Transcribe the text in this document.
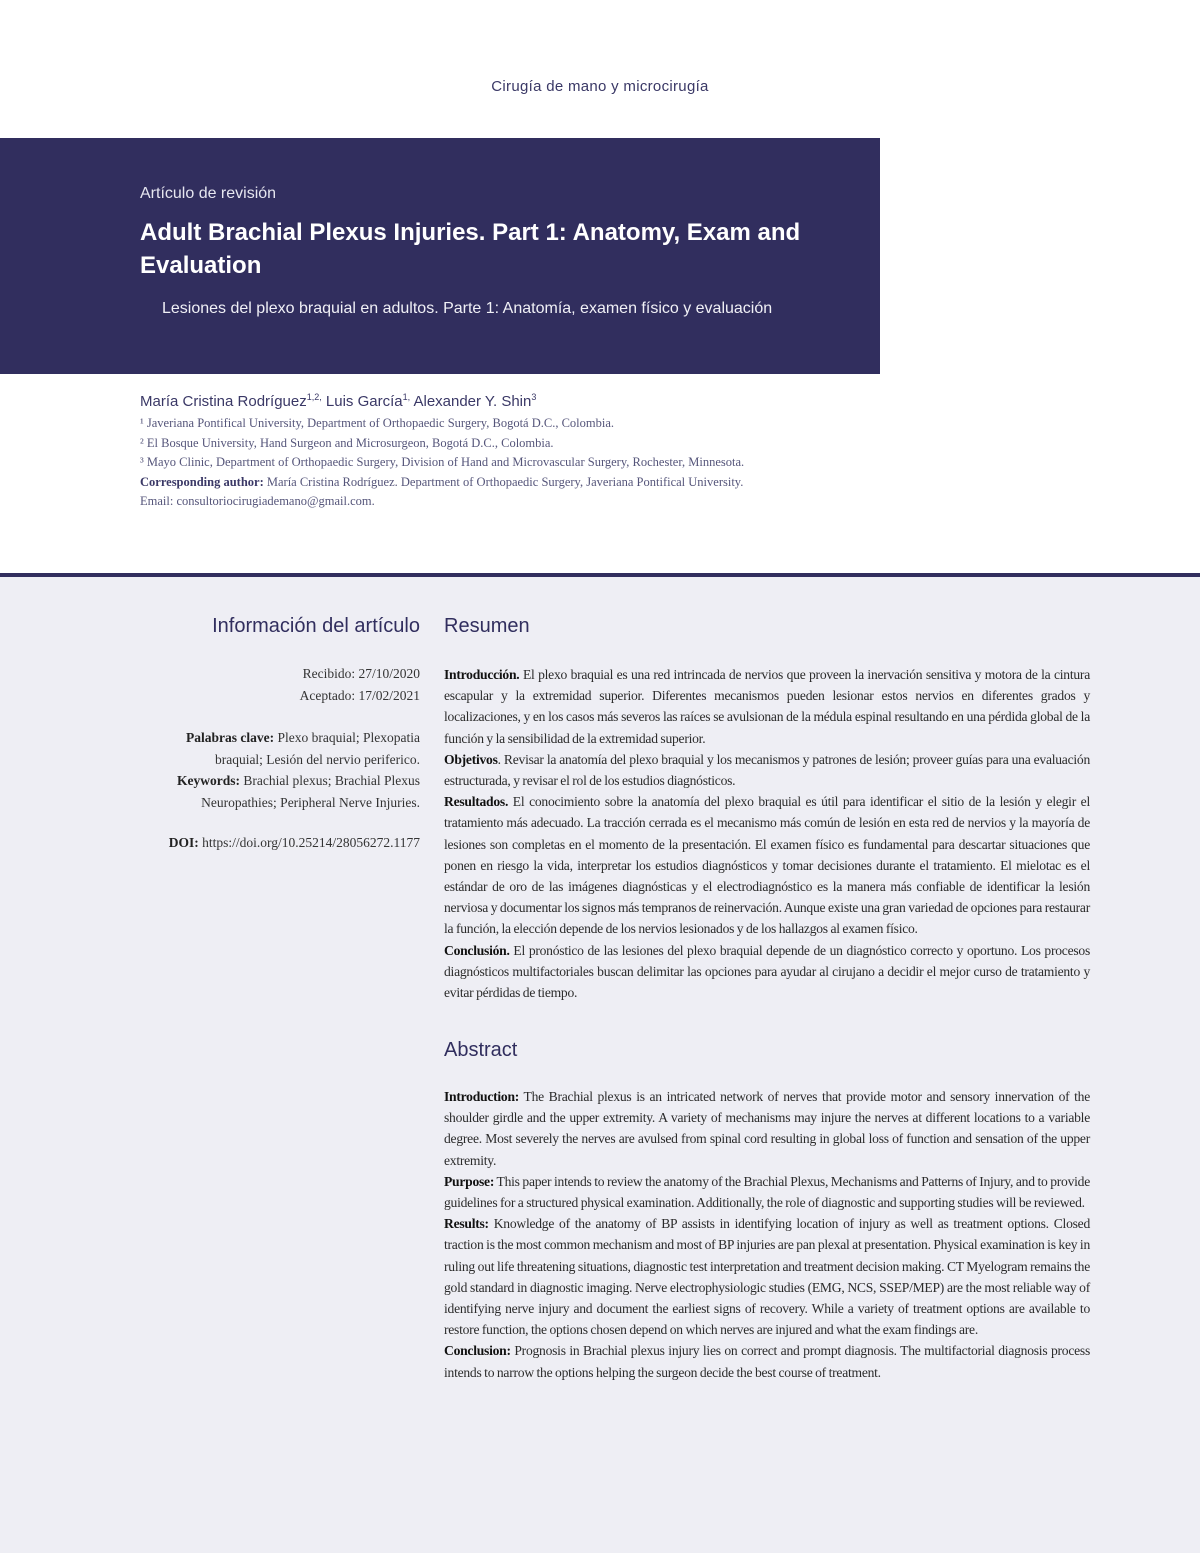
Cirugía de mano y microcirugía
Artículo de revisión
Adult Brachial Plexus Injuries. Part 1: Anatomy, Exam and Evaluation
Lesiones del plexo braquial en adultos. Parte 1: Anatomía, examen físico y evaluación
María Cristina Rodríguez$^{1,2,}$ Luis García$^{1,}$ Alexander Y. Shin$^3$
¹ Javeriana Pontifical University, Department of Orthopaedic Surgery, Bogotá D.C., Colombia.
² El Bosque University, Hand Surgeon and Microsurgeon, Bogotá D.C., Colombia.
³ Mayo Clinic, Department of Orthopaedic Surgery, Division of Hand and Microvascular Surgery, Rochester, Minnesota.
Corresponding author: María Cristina Rodríguez. Department of Orthopaedic Surgery, Javeriana Pontifical University.
Email: consultoriocirugiademano@gmail.com.
Información del artículo
Recibido: 27/10/2020
Aceptado: 17/02/2021
Palabras clave: Plexo braquial; Plexopatia
braquial; Lesión del nervio periferico.
Keywords: Brachial plexus; Brachial Plexus
Neuropathies; Peripheral Nerve Injuries.
DOI: https://doi.org/10.25214/28056272.1177
Resumen

Introducción. El plexo braquial es una red intrincada de nervios que proveen la inervación sensitiva y motora de la cintura escapular y la extremidad superior. Diferentes mecanismos pueden lesionar estos nervios en diferentes grados y localizaciones, y en los casos más severos las raíces se avulsionan de la médula espinal resultando en una pérdida global de la función y la sensibilidad de la extremidad superior.

Objetivos. Revisar la anatomía del plexo braquial y los mecanismos y patrones de lesión; proveer guías para una evaluación estructurada, y revisar el rol de los estudios diagnósticos.

Resultados. El conocimiento sobre la anatomía del plexo braquial es útil para identificar el sitio de la lesión y elegir el tratamiento más adecuado. La tracción cerrada es el mecanismo más común de lesión en esta red de nervios y la mayoría de lesiones son completas en el momento de la presentación. El examen físico es fundamental para descartar situaciones que ponen en riesgo la vida, interpretar los estudios diagnósticos y tomar decisiones durante el tratamiento. El mielotac es el estándar de oro de las imágenes diagnósticas y el electrodiagnóstico es la manera más confiable de identificar la lesión nerviosa y documentar los signos más tempranos de reinervación. Aunque existe una gran variedad de opciones para restaurar la función, la elección depende de los nervios lesionados y de los hallazgos al examen físico.

Conclusión. El pronóstico de las lesiones del plexo braquial depende de un diagnóstico correcto y oportuno. Los procesos diagnósticos multifactoriales buscan delimitar las opciones para ayudar al cirujano a decidir el mejor curso de tratamiento y evitar pérdidas de tiempo.

Abstract

Introduction: The Brachial plexus is an intricated network of nerves that provide motor and sensory innervation of the shoulder girdle and the upper extremity. A variety of mechanisms may injure the nerves at different locations to a variable degree. Most severely the nerves are avulsed from spinal cord resulting in global loss of function and sensation of the upper extremity.

Purpose: This paper intends to review the anatomy of the Brachial Plexus, Mechanisms and Patterns of Injury, and to provide guidelines for a structured physical examination. Additionally, the role of diagnostic and supporting studies will be reviewed.

Results: Knowledge of the anatomy of BP assists in identifying location of injury as well as treatment options. Closed traction is the most common mechanism and most of BP injuries are pan plexal at presentation. Physical examination is key in ruling out life threatening situations, diagnostic test interpretation and treatment decision making. CT Myelogram remains the gold standard in diagnostic imaging. Nerve electrophysiologic studies (EMG, NCS, SSEP/MEP) are the most reliable way of identifying nerve injury and document the earliest signs of recovery. While a variety of treatment options are available to restore function, the options chosen depend on which nerves are injured and what the exam findings are.

Conclusion: Prognosis in Brachial plexus injury lies on correct and prompt diagnosis. The multifactorial diagnosis process intends to narrow the options helping the surgeon decide the best course of treatment.
